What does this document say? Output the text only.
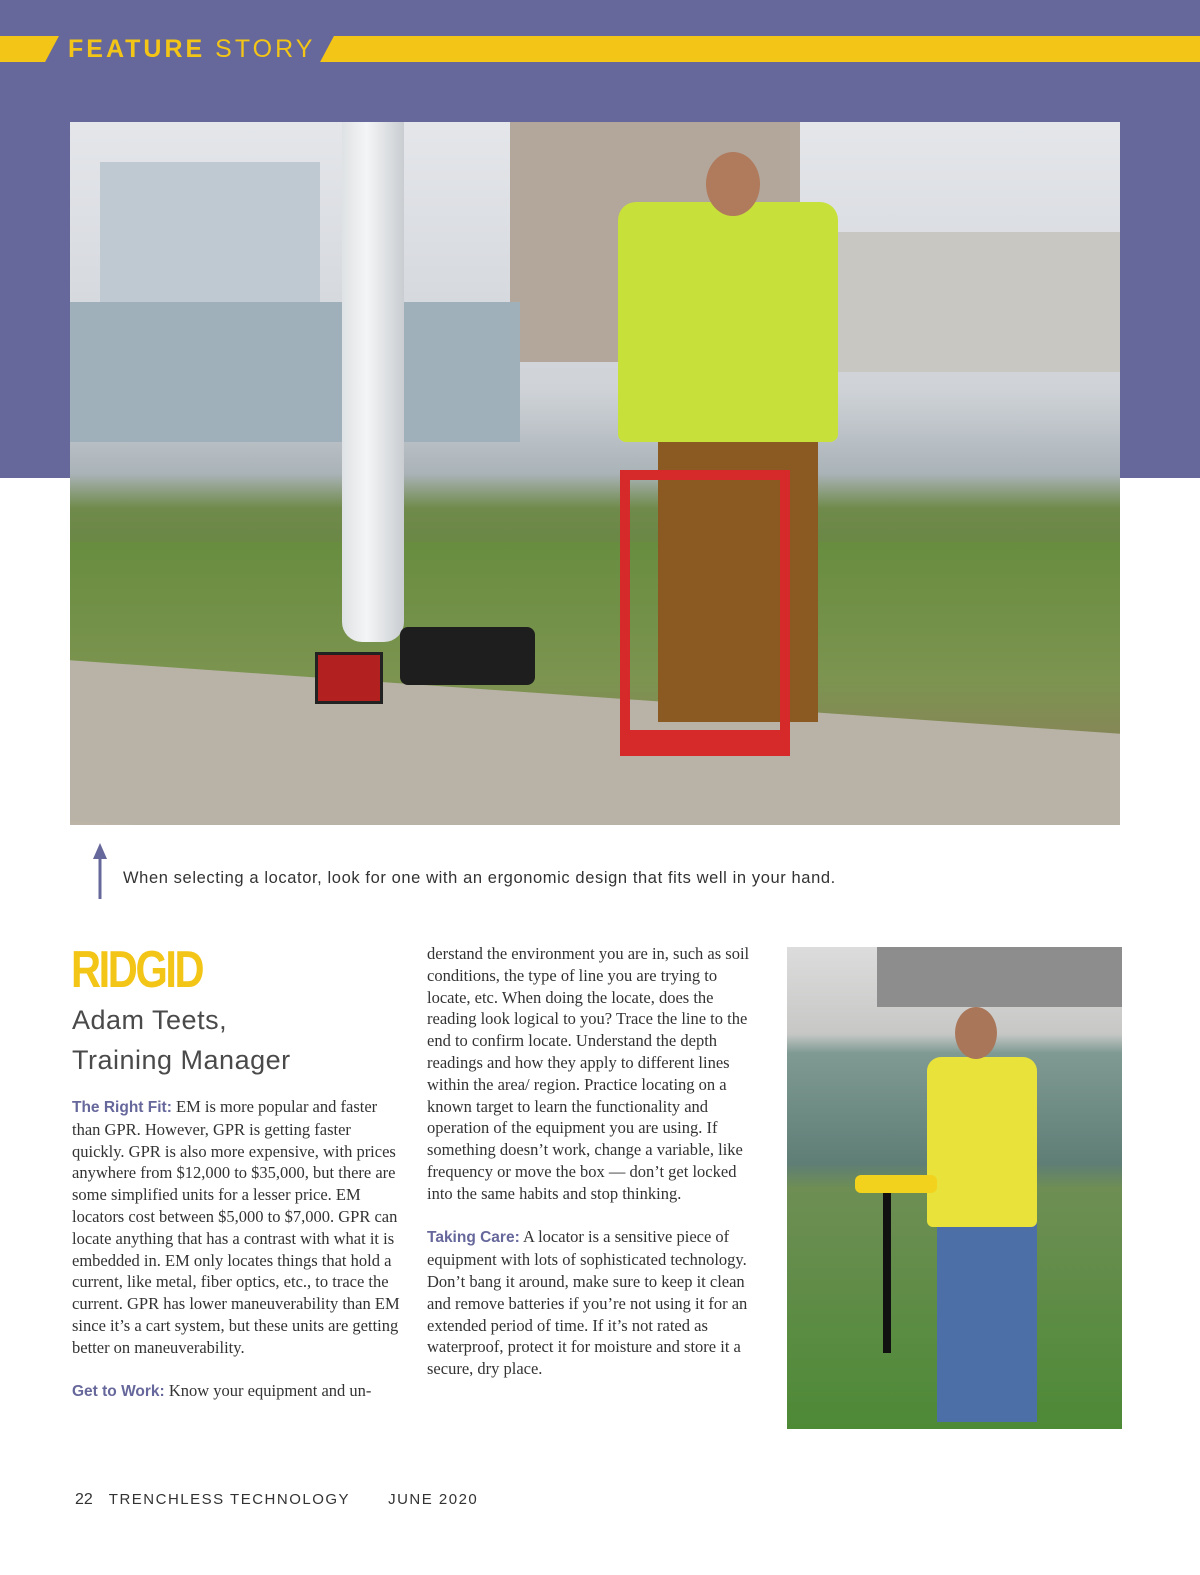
FEATURE STORY
When selecting a locator, look for one with an ergonomic design that fits well in your hand.
RIDGID
Adam Teets,
Training Manager

The Right Fit: EM is more popular and faster than GPR. However, GPR is getting faster quickly. GPR is also more expensive, with prices anywhere from $12,000 to $35,000, but there are some simplified units for a lesser price. EM locators cost between $5,000 to $7,000. GPR can locate anything that has a contrast with what it is embedded in. EM only locates things that hold a current, like metal, fiber optics, etc., to trace the current. GPR has lower maneuverability than EM since it’s a cart system, but these units are getting better on maneuverability.

Get to Work: Know your equipment and un-

derstand the environment you are in, such as soil conditions, the type of line you are trying to locate, etc. When doing the locate, does the reading look logical to you? Trace the line to the end to confirm locate. Understand the depth readings and how they apply to different lines within the area/ region. Practice locating on a known target to learn the functionality and operation of the equipment you are using. If something doesn’t work, change a variable, like frequency or move the box — don’t get locked into the same habits and stop thinking.

Taking Care: A locator is a sensitive piece of equipment with lots of sophisticated technology. Don’t bang it around, make sure to keep it clean and remove batteries if you’re not using it for an extended period of time. If it’s not rated as waterproof, protect it for moisture and store it a secure, dry place.

22 TRENCHLESS TECHNOLOGY	JUNE 2020
